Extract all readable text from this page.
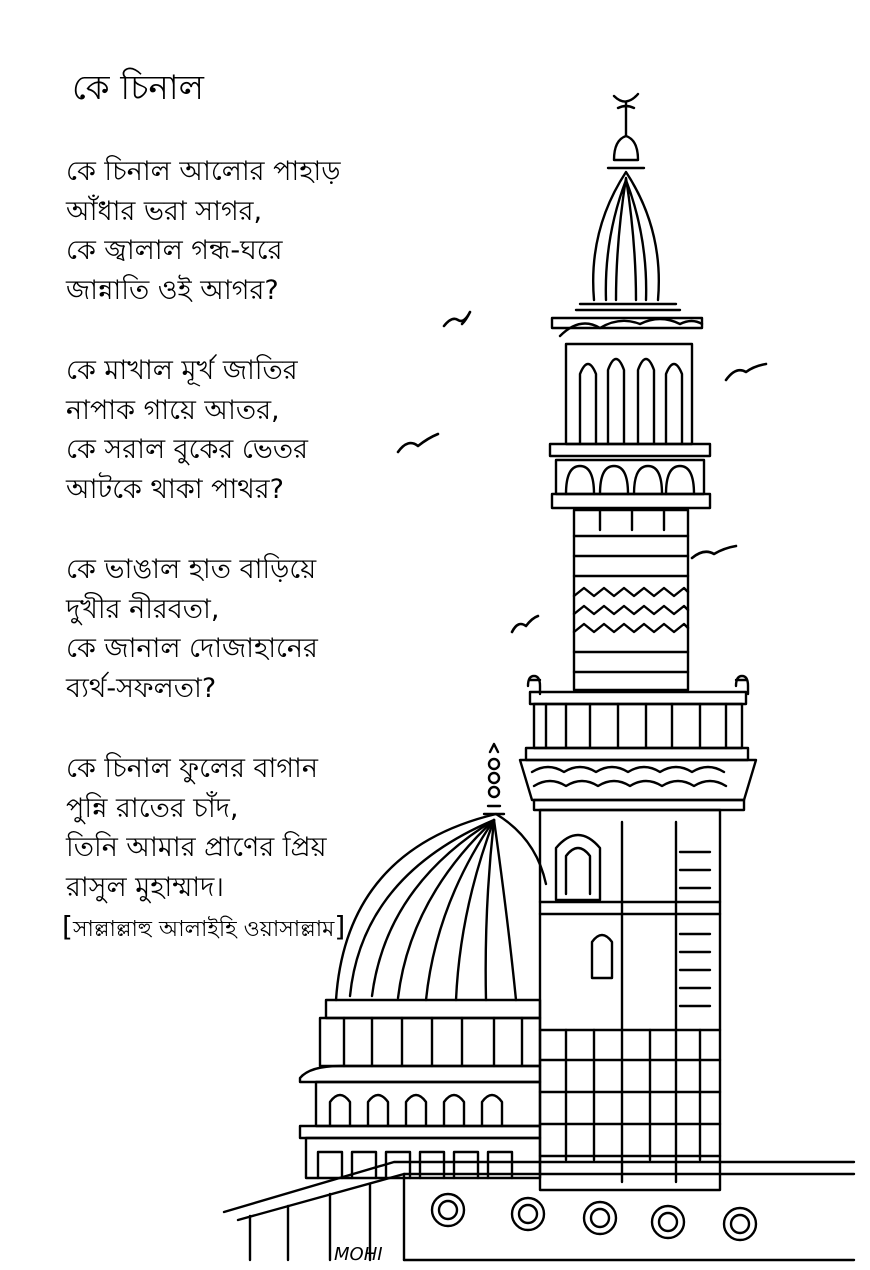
কে চিনাল
কে চিনাল আলোর পাহাড়
আঁধার ভরা সাগর,
কে জ্বালাল গন্ধ-ঘরে
জান্নাতি ওই আগর?
কে মাখাল মূর্খ জাতির
নাপাক গায়ে আতর,
কে সরাল বুকের ভেতর
আটকে থাকা পাথর?
কে ভাঙাল হাত বাড়িয়ে
দুখীর নীরবতা,
কে জানাল দোজাহানের
ব্যর্থ-সফলতা?
কে চিনাল ফুলের বাগান
পুন্নি রাতের চাঁদ,
তিনি আমার প্রাণের প্রিয়
রাসুল মুহাম্মাদ।
[সাল্লাল্লাহু আলাইহি ওয়াসাল্লাম]
MOHI
